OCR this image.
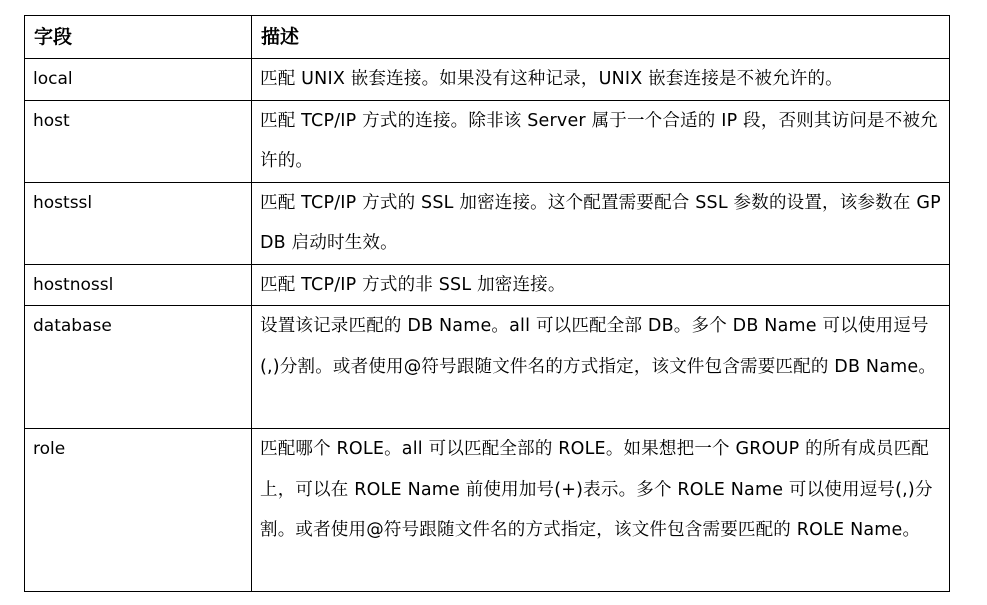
字段	描述
local	匹配 UNIX 嵌套连接。如果没有这种记录，UNIX 嵌套连接是不被允许的。
host	匹配 TCP/IP 方式的连接。除非该 Server 属于一个合适的 IP 段，否则其访问是不被允许的。
hostssl	匹配 TCP/IP 方式的 SSL 加密连接。这个配置需要配合 SSL 参数的设置，该参数在 GPDB 启动时生效。
hostnossl	匹配 TCP/IP 方式的非 SSL 加密连接。
database	设置该记录匹配的 DB Name。all 可以匹配全部 DB。多个 DB Name 可以使用逗号(,)分割。或者使用@符号跟随文件名的方式指定，该文件包含需要匹配的 DB Name。
role	匹配哪个 ROLE。all 可以匹配全部的 ROLE。如果想把一个 GROUP 的所有成员匹配上，可以在 ROLE Name 前使用加号(+)表示。多个 ROLE Name 可以使用逗号(,)分割。或者使用@符号跟随文件名的方式指定，该文件包含需要匹配的 ROLE Name。
